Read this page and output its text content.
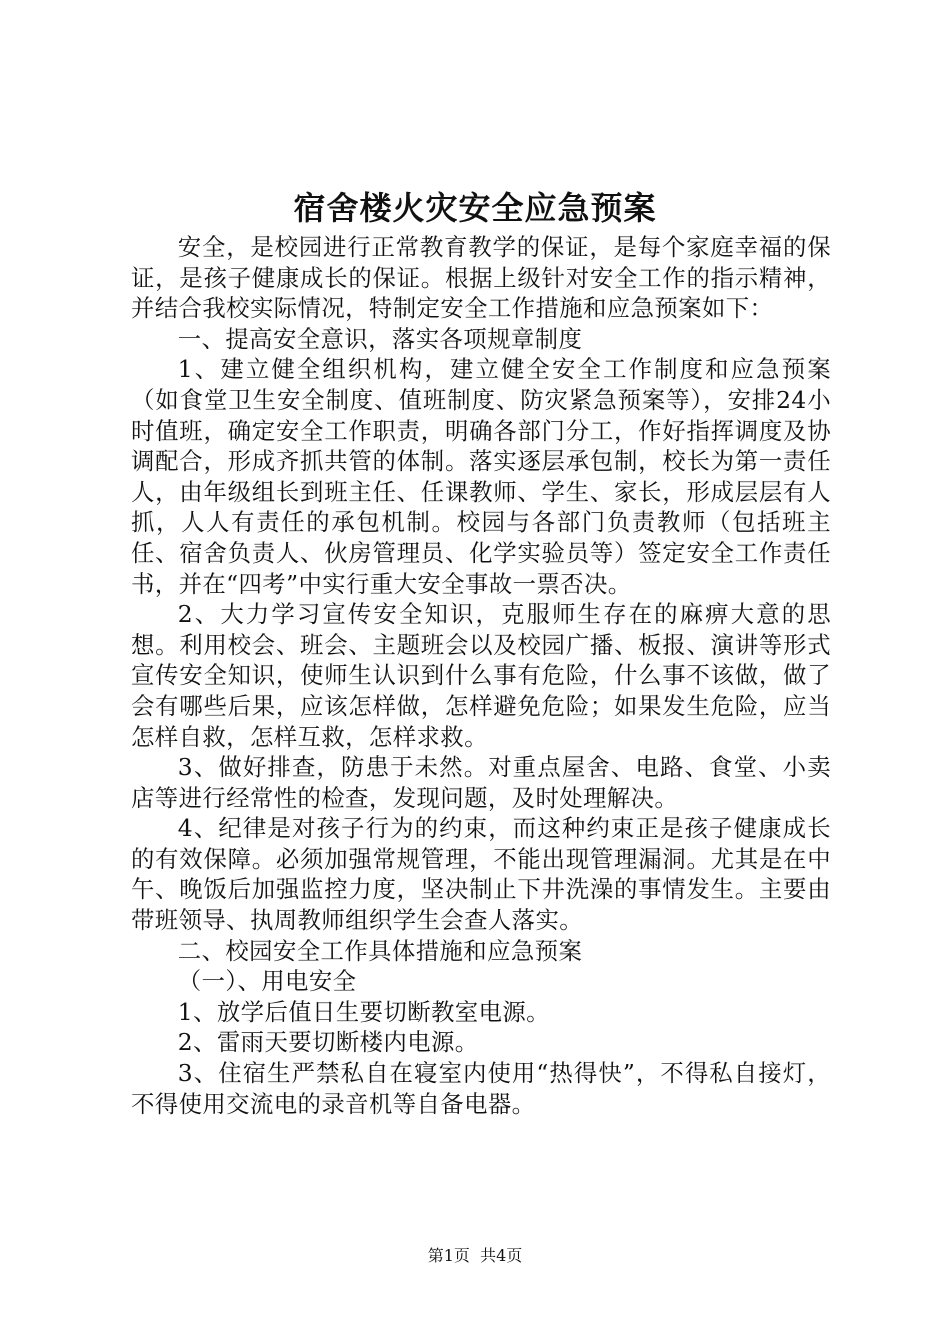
宿舍楼火灾安全应急预案

安全，是校园进行正常教育教学的保证，是每个家庭幸福的保证，是孩子健康成长的保证。根据上级针对安全工作的指示精神，并结合我校实际情况，特制定安全工作措施和应急预案如下：

一、提高安全意识，落实各项规章制度

1、建立健全组织机构，建立健全安全工作制度和应急预案（如食堂卫生安全制度、值班制度、防灾紧急预案等），安排24小时值班，确定安全工作职责，明确各部门分工，作好指挥调度及协调配合，形成齐抓共管的体制。落实逐层承包制，校长为第一责任人，由年级组长到班主任、任课教师、学生、家长，形成层层有人抓，人人有责任的承包机制。校园与各部门负责教师（包括班主任、宿舍负责人、伙房管理员、化学实验员等）签定安全工作责任书，并在“四考”中实行重大安全事故一票否决。

2、大力学习宣传安全知识，克服师生存在的麻痹大意的思想。利用校会、班会、主题班会以及校园广播、板报、演讲等形式宣传安全知识，使师生认识到什么事有危险，什么事不该做，做了会有哪些后果，应该怎样做，怎样避免危险；如果发生危险，应当怎样自救，怎样互救，怎样求救。

3、做好排查，防患于未然。对重点屋舍、电路、食堂、小卖店等进行经常性的检查，发现问题，及时处理解决。

4、纪律是对孩子行为的约束，而这种约束正是孩子健康成长的有效保障。必须加强常规管理，不能出现管理漏洞。尤其是在中午、晚饭后加强监控力度，坚决制止下井洗澡的事情发生。主要由带班领导、执周教师组织学生会查人落实。

二、校园安全工作具体措施和应急预案

（一）、用电安全

1、放学后值日生要切断教室电源。

2、雷雨天要切断楼内电源。

3、住宿生严禁私自在寝室内使用“热得快”，不得私自接灯，不得使用交流电的录音机等自备电器。

第1页 共4页
